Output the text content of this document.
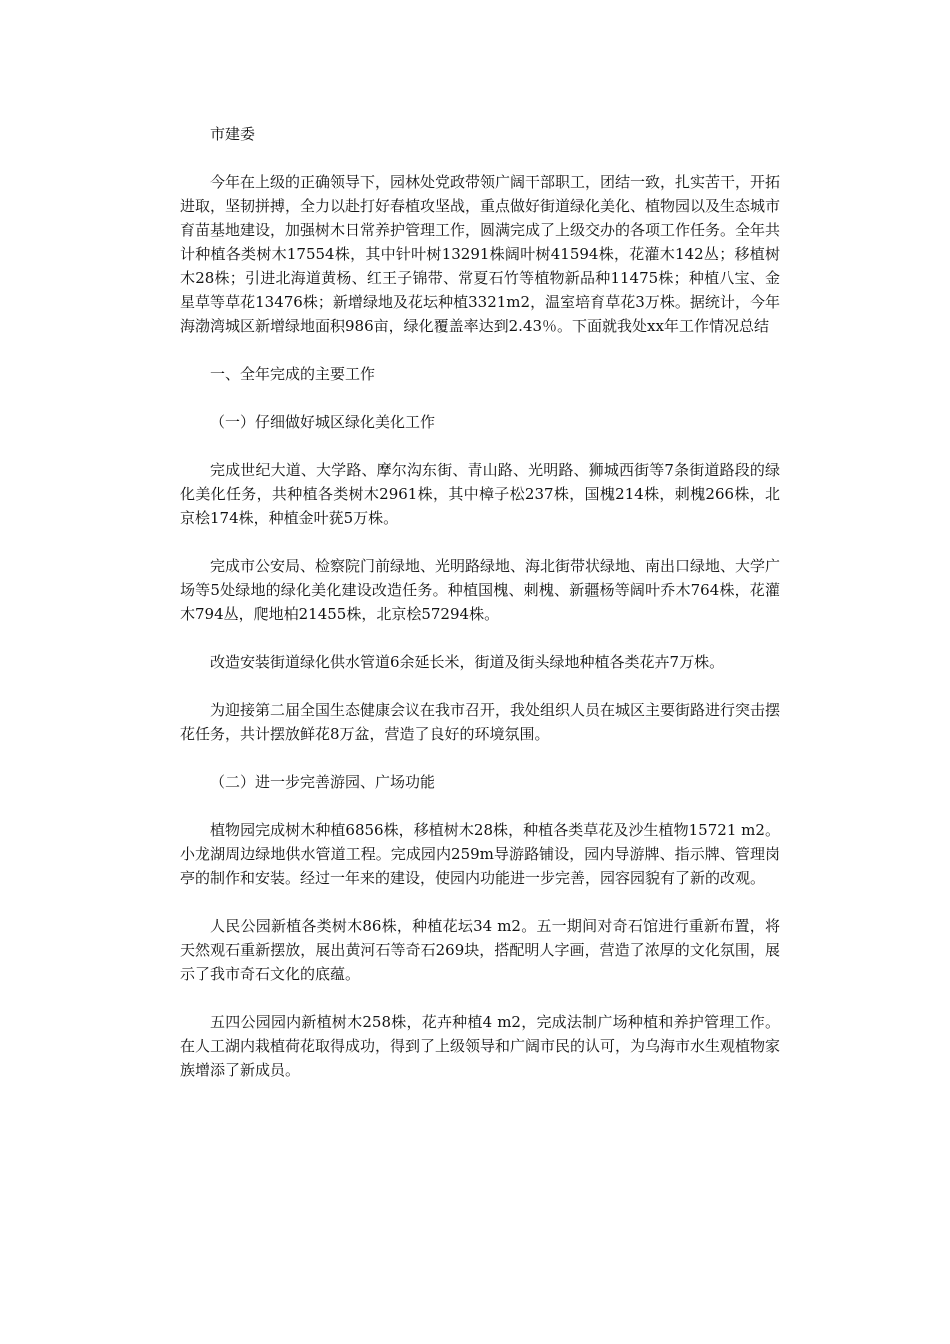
市建委
今年在上级的正确领导下，园林处党政带领广阔干部职工，团结一致，扎实苦干，开拓进取，坚韧拼搏，全力以赴打好春植攻坚战，重点做好街道绿化美化、植物园以及生态城市育苗基地建设，加强树木日常养护管理工作，圆满完成了上级交办的各项工作任务。全年共计种植各类树木17554株，其中针叶树13291株阔叶树41594株，花灌木142丛；移植树木28株；引进北海道黄杨、红王子锦带、常夏石竹等植物新品种11475株；种植八宝、金星草等草花13476株；新增绿地及花坛种植3321m2，温室培育草花3万株。据统计，今年海渤湾城区新增绿地面积986亩，绿化覆盖率达到2.43％。下面就我处xx年工作情况总结
一、全年完成的主要工作
（一）仔细做好城区绿化美化工作
完成世纪大道、大学路、摩尔沟东街、青山路、光明路、狮城西街等7条街道路段的绿化美化任务，共种植各类树木2961株，其中樟子松237株，国槐214株，刺槐266株，北京桧174株，种植金叶莸5万株。
完成市公安局、检察院门前绿地、光明路绿地、海北街带状绿地、南出口绿地、大学广场等5处绿地的绿化美化建设改造任务。种植国槐、刺槐、新疆杨等阔叶乔木764株，花灌木794丛，爬地柏21455株，北京桧57294株。
改造安装街道绿化供水管道6余延长米，街道及街头绿地种植各类花卉7万株。
为迎接第二届全国生态健康会议在我市召开，我处组织人员在城区主要街路进行突击摆花任务，共计摆放鲜花8万盆，营造了良好的环境氛围。
（二）进一步完善游园、广场功能
植物园完成树木种植6856株，移植树木28株，种植各类草花及沙生植物15721 m2。小龙湖周边绿地供水管道工程。完成园内259m导游路铺设，园内导游牌、指示牌、管理岗亭的制作和安装。经过一年来的建设，使园内功能进一步完善，园容园貌有了新的改观。
人民公园新植各类树木86株，种植花坛34 m2。五一期间对奇石馆进行重新布置，将天然观石重新摆放，展出黄河石等奇石269块，搭配明人字画，营造了浓厚的文化氛围，展示了我市奇石文化的底蕴。
五四公园园内新植树木258株，花卉种植4 m2，完成法制广场种植和养护管理工作。在人工湖内栽植荷花取得成功，得到了上级领导和广阔市民的认可，为乌海市水生观植物家族增添了新成员。
